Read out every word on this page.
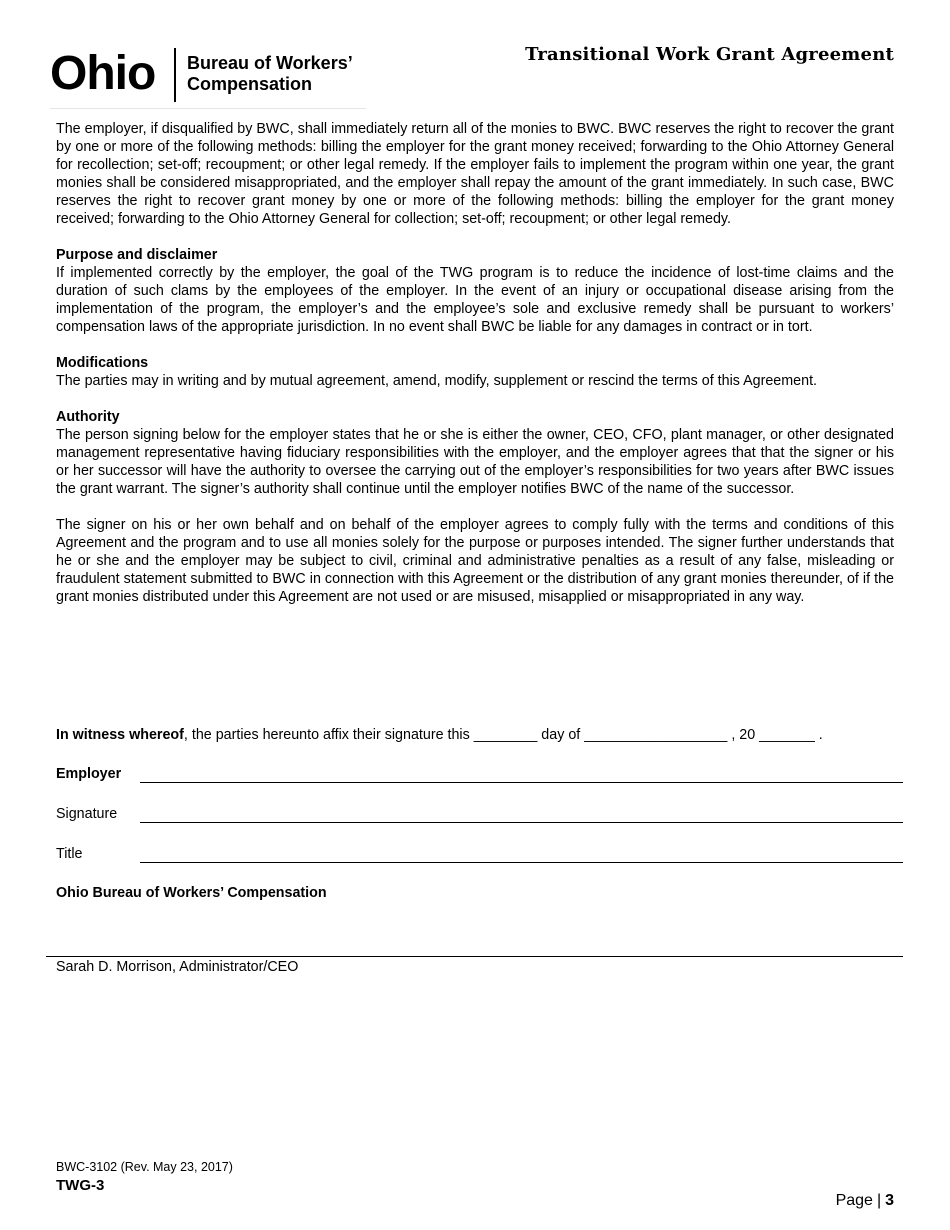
Ohio Bureau of Workers’
Compensation
Transitional Work Grant Agreement

The employer, if disqualified by BWC, shall immediately return all of the monies to BWC. BWC reserves the right to recover the grant by one or more of the following methods: billing the employer for the grant money received; forwarding to the Ohio Attorney General for recollection; set-off; recoupment; or other legal remedy. If the employer fails to implement the program within one year, the grant monies shall be considered misappropriated, and the employer shall repay the amount of the grant immediately. In such case, BWC reserves the right to recover grant money by one or more of the following methods: billing the employer for the grant money received; forwarding to the Ohio Attorney General for collection; set-off; recoupment; or other legal remedy.

Purpose and disclaimer

If implemented correctly by the employer, the goal of the TWG program is to reduce the incidence of lost-time claims and the duration of such clams by the employees of the employer. In the event of an injury or occupational disease arising from the implementation of the program, the employer’s and the employee’s sole and exclusive remedy shall be pursuant to workers’ compensation laws of the appropriate jurisdiction. In no event shall BWC be liable for any damages in contract or in tort.

Modifications

The parties may in writing and by mutual agreement, amend, modify, supplement or rescind the terms of this Agreement.

Authority

The person signing below for the employer states that he or she is either the owner, CEO, CFO, plant manager, or other designated management representative having fiduciary responsibilities with the employer, and the employer agrees that that the signer or his or her successor will have the authority to oversee the carrying out of the employer’s responsibilities for two years after BWC issues the grant warrant. The signer’s authority shall continue until the employer notifies BWC of the name of the successor.

The signer on his or her own behalf and on behalf of the employer agrees to comply fully with the terms and conditions of this Agreement and the program and to use all monies solely for the purpose or purposes intended. The signer further understands that he or she and the employer may be subject to civil, criminal and administrative penalties as a result of any false, misleading or fraudulent statement submitted to BWC in connection with this Agreement or the distribution of any grant monies thereunder, of if the grant monies distributed under this Agreement are not used or are misused, misapplied or misappropriated in any way.

In witness whereof, the parties hereunto affix their signature this ________ day of __________________ , 20 _______ .
Employer
Signature
Title
Ohio Bureau of Workers’ Compensation
Sarah D. Morrison, Administrator/CEO
BWC-3102 (Rev. May 23, 2017)
TWG-3
Page | 3
